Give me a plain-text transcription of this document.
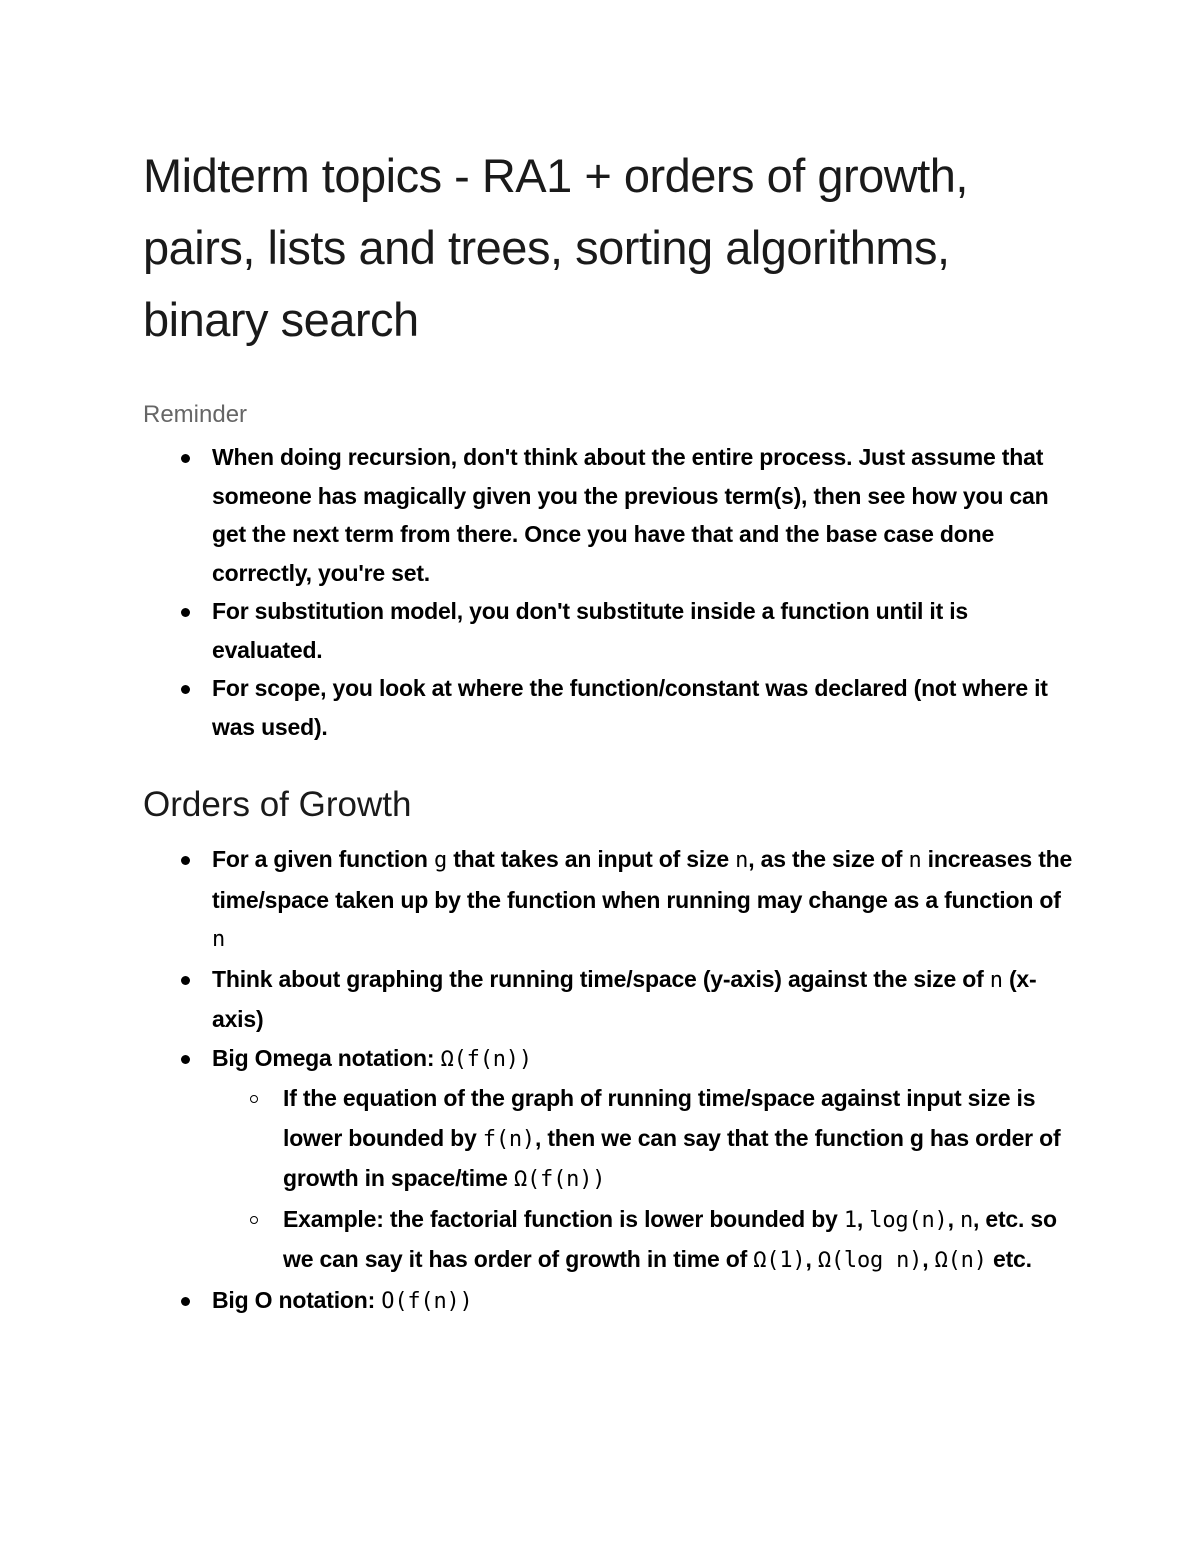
Midterm topics - RA1 + orders of growth, pairs, lists and trees, sorting algorithms, binary search
Reminder
When doing recursion, don't think about the entire process. Just assume that someone has magically given you the previous term(s), then see how you can get the next term from there. Once you have that and the base case done correctly, you're set.
For substitution model, you don't substitute inside a function until it is evaluated.
For scope, you look at where the function/constant was declared (not where it was used).
Orders of Growth
For a given function g that takes an input of size n, as the size of n increases the time/space taken up by the function when running may change as a function of n
Think about graphing the running time/space (y-axis) against the size of n (x-axis)
Big Omega notation: Ω(f(n))
If the equation of the graph of running time/space against input size is lower bounded by f(n), then we can say that the function g has order of growth in space/time Ω(f(n))
Example: the factorial function is lower bounded by 1, log(n), n, etc. so we can say it has order of growth in time of Ω(1), Ω(log n), Ω(n) etc.
Big O notation: O(f(n))
